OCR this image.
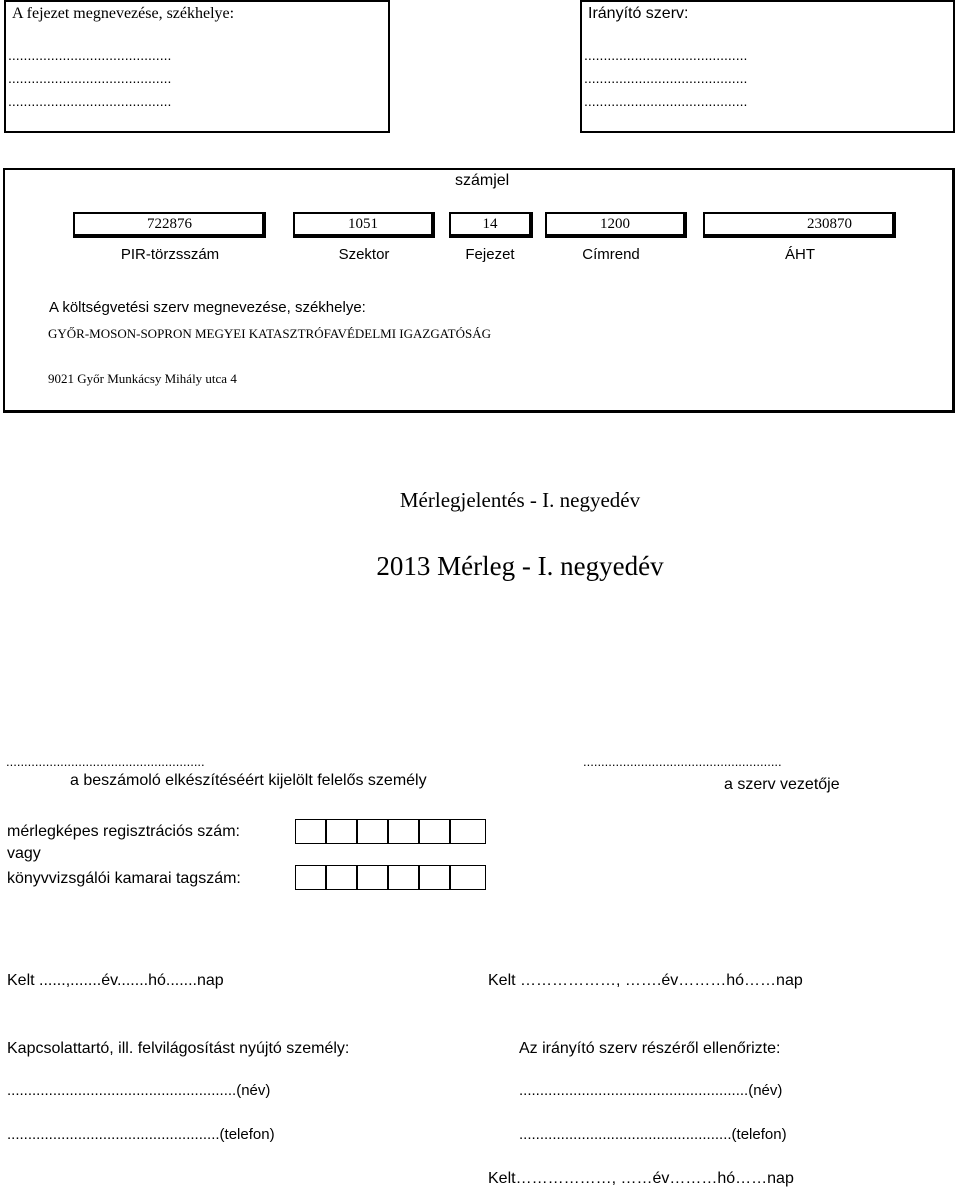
A fejezet megnevezése, székhelye:
..........................................
..........................................
..........................................
Irányító szerv:
..........................................
..........................................
..........................................
számjel
722876	1051	14	1200	230870
PIR-törzsszám	Szektor	Fejezet	Címrend	ÁHT
A költségvetési szerv megnevezése, székhelye:
GYŐR-MOSON-SOPRON MEGYEI KATASZTRÓFAVÉDELMI IGAZGATÓSÁG
9021 Győr Munkácsy Mihály utca 4
Mérlegjelentés - I. negyedév
2013 Mérleg - I. negyedév
.......................................................
a beszámoló elkészítéséért kijelölt felelős személy
.......................................................
a szerv vezetője
mérlegképes regisztrációs szám:
vagy
könyvvizsgálói kamarai tagszám:
Kelt ......,.......év.......hó.......nap	Kelt ………………, …….év………hó……nap
Kapcsolattartó, ill. felvilágosítást nyújtó személy:
.......................................................(név)
...................................................(telefon)
Az irányító szerv részéről ellenőrizte:
.......................................................(név)
...................................................(telefon)
Kelt………………, ……év………hó……nap
